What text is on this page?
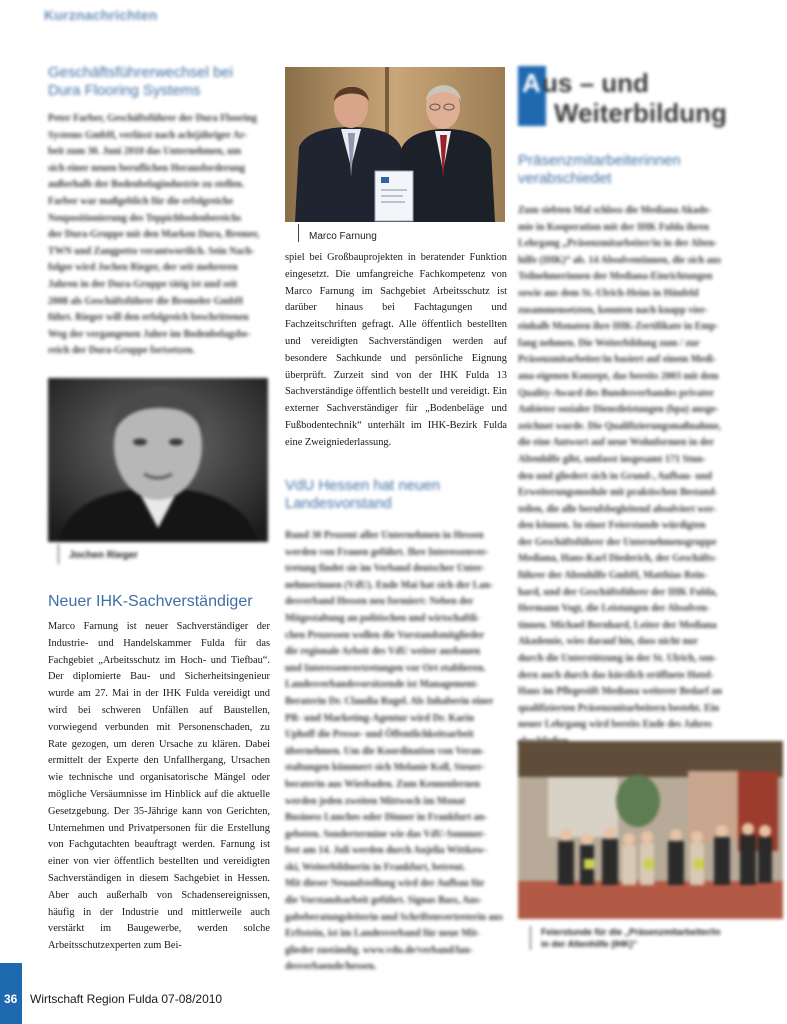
Kurznachrichten
Geschäftsführerwechsel bei Dura Flooring Systems

Peter Farber, Geschäftsführer der Dura Flooring

Systems GmbH, verlässt nach achtjähriger Ar-

beit zum 30. Juni 2010 das Unternehmen, um

sich einer neuen beruflichen Herausforderung

außerhalb der Bodenbelagindustrie zu stellen.

Farber war maßgeblich für die erfolgreiche

Neupositionierung des Teppichbodenbereichs

der Dura-Gruppe mit den Marken Dura, Bremer,

TWN und Zangpetto verantwortlich. Sein Nach-

folger wird Jochen Rieger, der seit mehreren

Jahren in der Dura-Gruppe tätig ist und seit

2008 als Geschäftsführer die Bremeler GmbH

führt. Rieger will den erfolgreich beschrittenen

Weg der vergangenen Jahre im Bodenbelagsbe-

reich der Dura-Gruppe fortsetzen.

Jochen Rieger
Neuer IHK-Sachverständiger

Marco Farnung ist neuer Sachverständiger der Industrie- und Handelskammer Fulda für das Fachgebiet „Arbeitsschutz im Hoch- und Tiefbau“. Der diplomierte Bau- und Sicherheitsingenieur wurde am 27. Mai in der IHK Fulda vereidigt und wird bei schweren Unfällen auf Baustellen, vorwiegend verbunden mit Personenschaden, zu Rate gezogen, um deren Ursache zu klären. Dabei ermittelt der Experte den Unfallhergang, Ursachen wie technische und organisatorische Mängel oder mögliche Versäumnisse im Hinblick auf die aktuelle Gesetzgebung. Der 35-Jährige kann von Gerichten, Unternehmen und Privatpersonen für die Erstellung von Fachgutachten beauftragt werden. Farnung ist einer von vier öffentlich bestellten und vereidigten Sachverständigen in diesem Sachgebiet in Hessen. Aber auch außerhalb von Schadensereignissen, häufig in der Industrie und mittlerweile auch verstärkt im Baugewerbe, werden solche Arbeitsschutzexperten zum Bei-

Marco Farnung

spiel bei Großbauprojekten in beratender Funktion eingesetzt. Die umfangreiche Fachkompetenz von Marco Farnung im Sachgebiet Arbeitsschutz ist darüber hinaus bei Fachtagungen und Fachzeitschriften gefragt. Alle öffentlich bestellten und vereidigten Sachverständigen werden auf besondere Sachkunde und persönliche Eignung überprüft. Zurzeit sind von der IHK Fulda 13 Sachverständige öffentlich bestellt und vereidigt. Ein externer Sachverständiger für „Bodenbeläge und Fußbodentechnik“ unterhält im IHK-Bezirk Fulda eine Zweigniederlassung.

VdU Hessen hat neuen Landesvorstand

Rund 30 Prozent aller Unternehmen in Hessen

werden von Frauen geführt. Ihre Interessenver-

tretung findet sie im Verband deutscher Unter-

nehmerinnen (VdU). Ende Mai hat sich der Lan-

desverband Hessen neu formiert: Neben der

Mitgestaltung an politischen und wirtschaftli-

chen Prozessen wollen die Vorstandsmitglieder

die regionale Arbeit des VdU weiter ausbauen

und Interessenvertretungen vor Ort etablieren.

Landesverbandsvorsitzende ist Management-

Beraterin Dr. Claudia Rugel. Als Inhaberin einer

PR- und Marketing-Agentur wird Dr. Karin

Uphoff die Presse- und Öffentlichkeitsarbeit

übernehmen. Um die Koordination von Veran-

staltungen kümmert sich Melanie Koll, Steuer-

beraterin aus Wiesbaden. Zum Kennenlernen

werden jeden zweiten Mittwoch im Monat

Business Lunches oder Dinner in Frankfurt an-

geboten. Sondertermine wie das VdU-Sommer-

fest am 14. Juli werden durch Anjelia Wittkow-

ski, Weiterbildnerin in Frankfurt, betreut.

Mit dieser Neuaufstellung wird der Aufbau für

die Vorstandsarbeit geführt. Signas Bass, Aus-

gabeberatungsleiterin und Schriftenvertreterin aus

Erftstein, ist im Landesverband für neue Mit-

glieder zuständig. www.vdu.de/verband/lan-

desverbaende/hessen.

A us – und
Weiterbildung
Präsenzmitarbeiterinnen verabschiedet

Zum siebten Mal schloss die Mediana Akade-

mie in Kooperation mit der IHK Fulda ihren

Lehrgang „Präsenzmitarbeiter/in in der Alten-

hilfe (IHK)“ ab. 14 Absolventinnen, die sich aus

Teilnehmerinnen der Mediana-Einrichtungen

sowie aus dem St.-Ulrich-Heim in Hünfeld

zusammensetzten, konnten nach knapp vier-

einhalb Monaten ihre IHK-Zertifikate in Emp-

fang nehmen. Die Weiterbildung zum / zur

Präsenzmitarbeiter/in basiert auf einem Medi-

ana-eigenen Konzept, das bereits 2003 mit dem

Quality-Award des Bundesverbandes privater

Anbieter sozialer Dienstleistungen (bpa) ausge-

zeichnet wurde. Die Qualifizierungsmaßnahme,

die eine Antwort auf neue Wohnformen in der

Altenhilfe gibt, umfasst insgesamt 171 Stun-

den und gliedert sich in Grund-, Aufbau- und

Erweiterungsmodule mit praktischen Bestand-

teilen, die alle berufsbegleitend absolviert wer-

den können. In einer Feierstunde würdigten

der Geschäftsführer der Unternehmensgruppe

Mediana, Hans-Karl Diederich, der Geschäfts-

führer der Altenhilfe GmbH, Matthias Rein-

hard, und der Geschäftsführer der IHK Fulda,

Hermann Vogt, die Leistungen der Absolven-

tinnen. Michael Bernhard, Leiter der Mediana

Akademie, wies darauf hin, dass nicht nur

durch die Unterstützung in der St. Ulrich, son-

dern auch durch das kürzlich eröffnete Hotel-

Haus im Pflegestift Mediana weiterer Bedarf an

qualifizierten Präsenzmitarbeitern besteht. Ein

neuer Lehrgang wird bereits Ende des Jahres

Feierstunde für die „Präsenzmitarbeiter/in
in der Altenhilfe (IHK)“
36 Wirtschaft Region Fulda 07-08/2010
